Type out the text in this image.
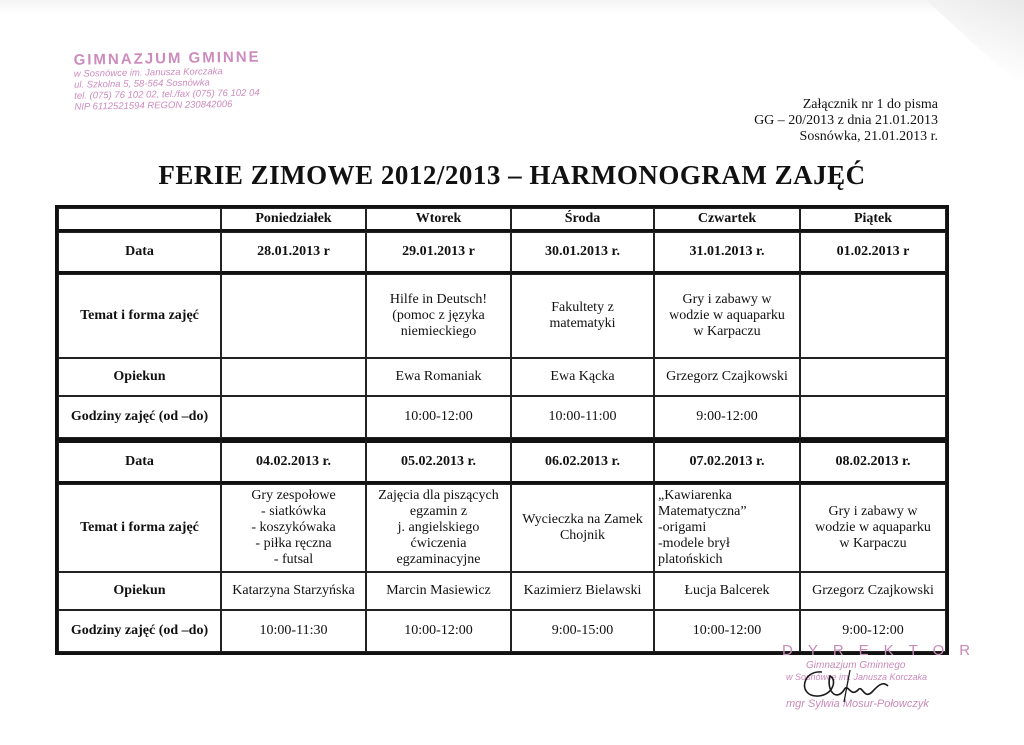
GIMNAZJUM GMINNE
w Sosnówce im. Janusza Korczaka
ul. Szkolna 5, 58-564 Sosnówka
tel. (075) 76 102 02, tel./fax (075) 76 102 04
NIP 6112521594 REGON 230842006	Załącznik nr 1 do pisma
GG – 20/2013 z dnia 21.01.2013
Sosnówka, 21.01.2013 r.
FERIE ZIMOWE 2012/2013 – HARMONOGRAM ZAJĘĆ
	Poniedziałek	Wtorek	Środa	Czwartek	Piątek
Data	28.01.2013 r	29.01.2013 r	30.01.2013 r.	31.01.2013 r.	01.02.2013 r
Temat i forma zajęć		Hilfe in Deutsch!
(pomoc z języka
niemieckiego	Fakultety z
matematyki	Gry i zabawy w
wodzie w aquaparku
w Karpaczu	
Opiekun		Ewa Romaniak	Ewa Kącka	Grzegorz Czajkowski	
Godziny zajęć (od –do)		10:00-12:00	10:00-11:00	9:00-12:00	
Data	04.02.2013 r.	05.02.2013 r.	06.02.2013 r.	07.02.2013 r.	08.02.2013 r.
Temat i forma zajęć	Gry zespołowe
- siatkówka
- koszykówaka
- piłka ręczna
- futsal	Zajęcia dla piszących
egzamin z
j. angielskiego
ćwiczenia
egzaminacyjne	Wycieczka na Zamek
Chojnik	„Kawiarenka
Matematyczna”
-origami
-modele brył
platońskich	Gry i zabawy w
wodzie w aquaparku
w Karpaczu
Opiekun	Katarzyna Starzyńska	Marcin Masiewicz	Kazimierz Bielawski	Łucja Balcerek	Grzegorz Czajkowski
Godziny zajęć (od –do)	10:00-11:30	10:00-12:00	9:00-15:00	10:00-12:00	9:00-12:00
DYREKTOR
Gimnazjum Gminnego
w Sosnówce im. Janusza Korczaka
mgr Sylwia Mosur-Połowczyk
